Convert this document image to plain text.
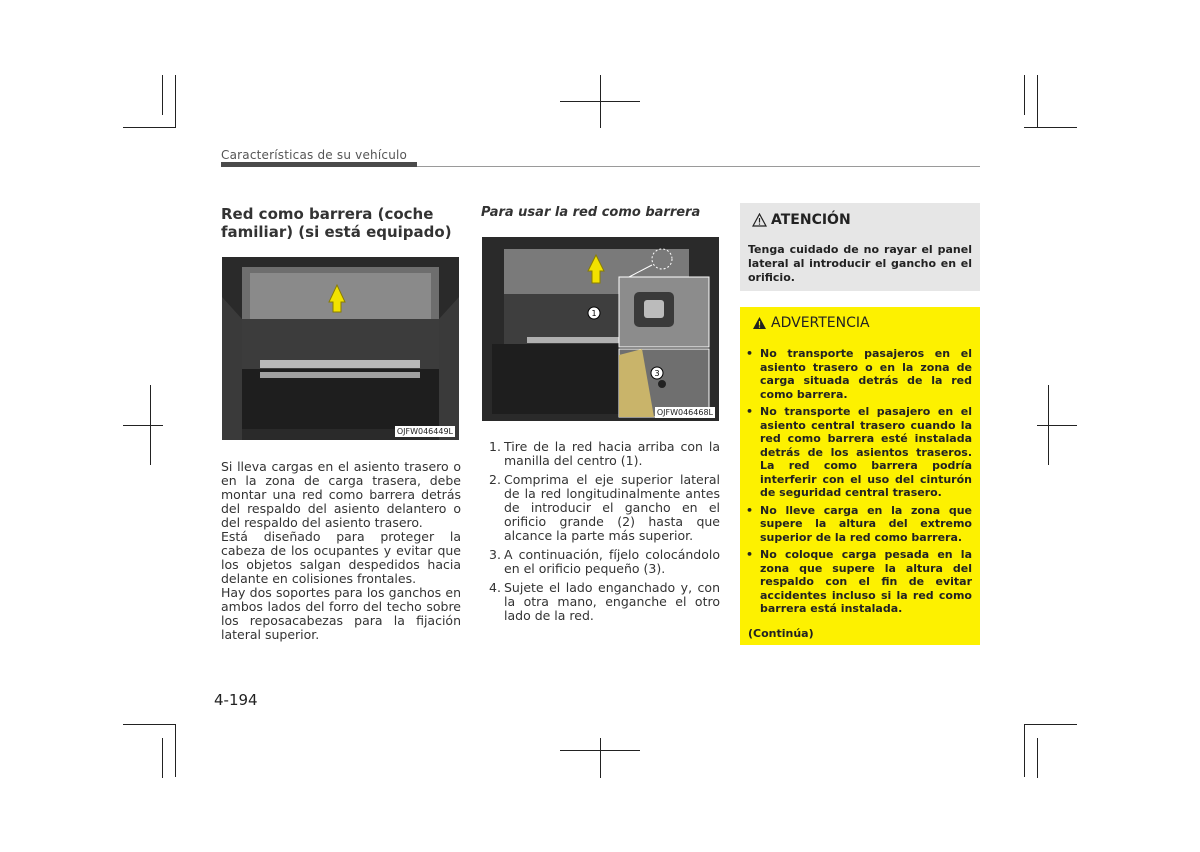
Características de su vehículo
Red como barrera (coche familiar) (si está equipado)
OJFW046449L

Si lleva cargas en el asiento trasero o en la zona de carga trasera, debe montar una red como barrera detrás del respaldo del asiento delantero o del respaldo del asiento trasero.

Está diseñado para proteger la cabeza de los ocupantes y evitar que los objetos salgan despedidos hacia delante en colisiones frontales.

Hay dos soportes para los ganchos en ambos lados del forro del techo sobre los reposacabezas para la fijación lateral superior.

Para usar la red como barrera
1
3
OJFW046468L
1. Tire de la red hacia arriba con la manilla del centro (1).
2. Comprima el eje superior lateral de la red longitudinalmente antes de introducir el gancho en el orificio grande (2) hasta que alcance la parte más superior.
3. A continuación, fíjelo colocándolo en el orificio pequeño (3).
4. Sujete el lado enganchado y, con la otra mano, enganche el otro lado de la red.
ATENCIÓN
Tenga cuidado de no rayar el panel lateral al introducir el gancho en el orificio.
ADVERTENCIA
• No transporte pasajeros en el asiento trasero o en la zona de carga situada detrás de la red como barrera.
• No transporte el pasajero en el asiento central trasero cuando la red como barrera esté instalada detrás de los asientos traseros. La red como barrera podría interferir con el uso del cinturón de seguridad central trasero.
• No lleve carga en la zona que supere la altura del extremo superior de la red como barrera.
• No coloque carga pesada en la zona que supere la altura del respaldo con el fin de evitar accidentes incluso si la red como barrera está instalada.
(Continúa)
4-194
